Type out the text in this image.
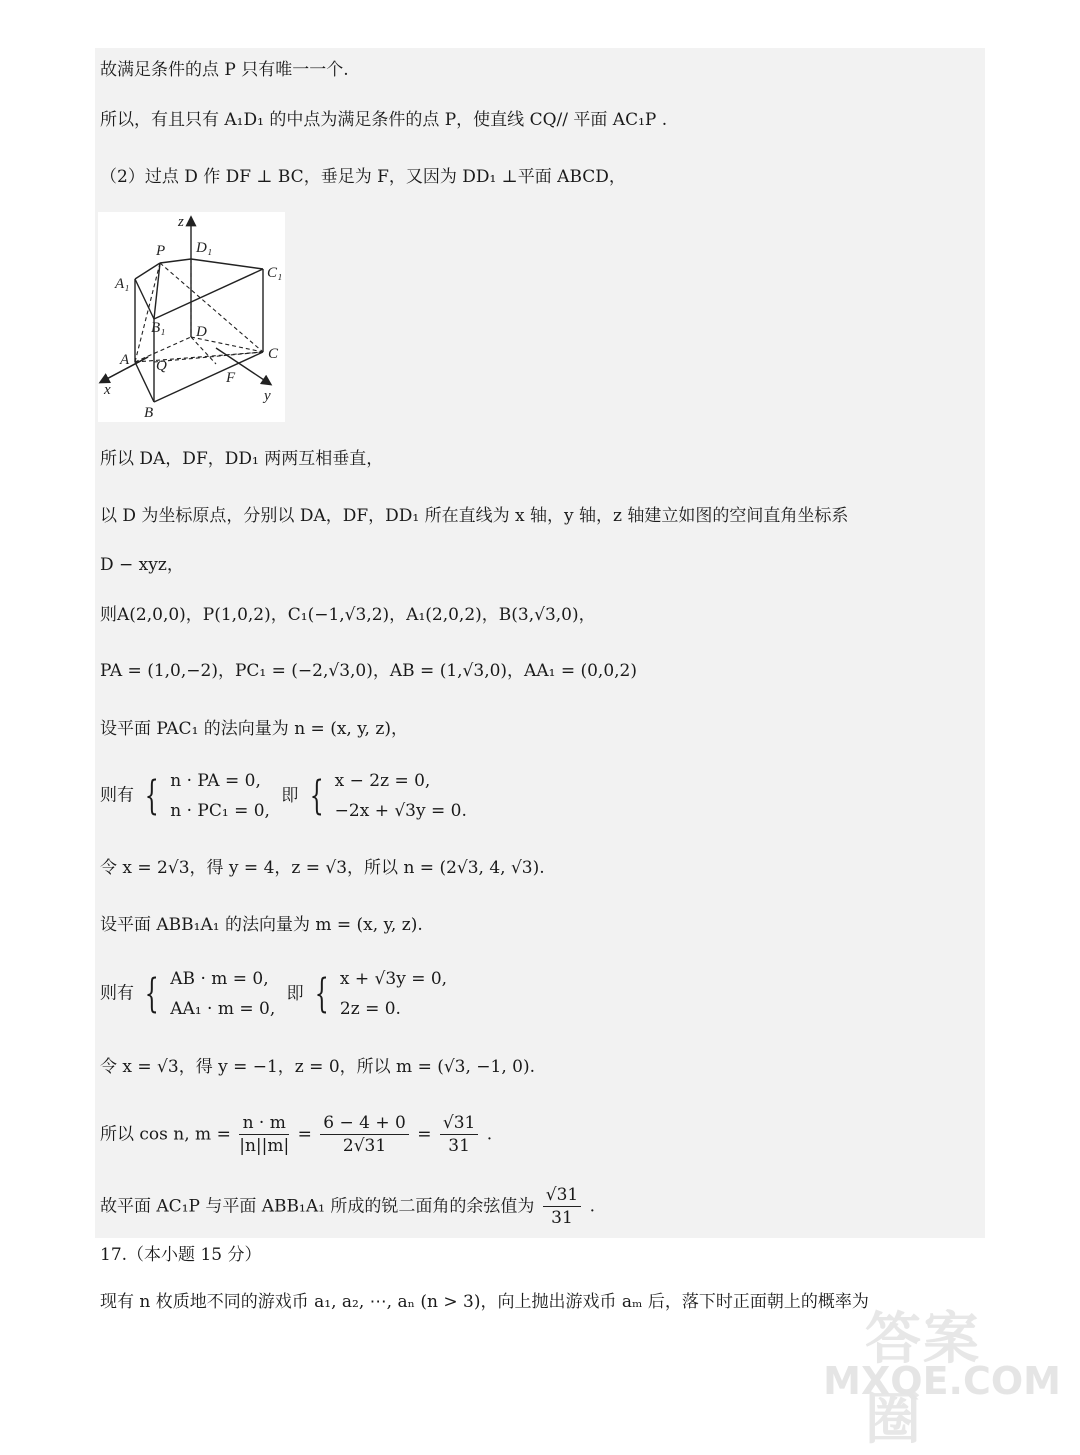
故满足条件的点 P 只有唯一一个.
所以，有且只有 A₁D₁ 的中点为满足条件的点 P，使直线 CQ// 平面 AC₁P .
（2）过点 D 作 DF ⊥ BC，垂足为 F，又因为 DD₁ ⊥平面 ABCD，
z
D₁
P
C₁
A₁
B₁ D
A	C
Q
F
x	y
B
所以 DA，DF，DD₁ 两两互相垂直，
以 D 为坐标原点，分别以 DA，DF，DD₁ 所在直线为 x 轴，y 轴，z 轴建立如图的空间直角坐标系
D − xyz，
则A(2,0,0)，P(1,0,2)，C₁(−1,√3,2)，A₁(2,0,2)，B(3,√3,0)，
PA = (1,0,−2)，PC₁ = (−2,√3,0)，AB = (1,√3,0)，AA₁ = (0,0,2)
设平面 PAC₁ 的法向量为 n = (x, y, z)，
则有 { n · PA = 0,
n · PC₁ = 0,
即 { x − 2z = 0,
−2x + √3y = 0.
令 x = 2√3，得 y = 4，z = √3，所以 n = (2√3, 4, √3).
设平面 ABB₁A₁ 的法向量为 m = (x, y, z).
则有 { AB · m = 0,
AA₁ · m = 0,
即 { x + √3y = 0,
2z = 0.
令 x = √3，得 y = −1，z = 0，所以 m = (√3, −1, 0).
所以 cos n, $m = \frac{n \cdot m}{|n||m|} = \frac{6 - 4 + 0}{2√31} = \frac{√31}{31}$ .
故平面 AC₁P 与平面 ABB₁A₁ 所成的锐二面角的余弦值为 $\frac{√31}{31}$ .
17.（本小题 15 分）
现有 n 枚质地不同的游戏币 a₁, a₂, ⋯, aₙ (n > 3)，向上抛出游戏币 aₘ 后，落下时正面朝上的概率为
答案圈
MXQE.COM
